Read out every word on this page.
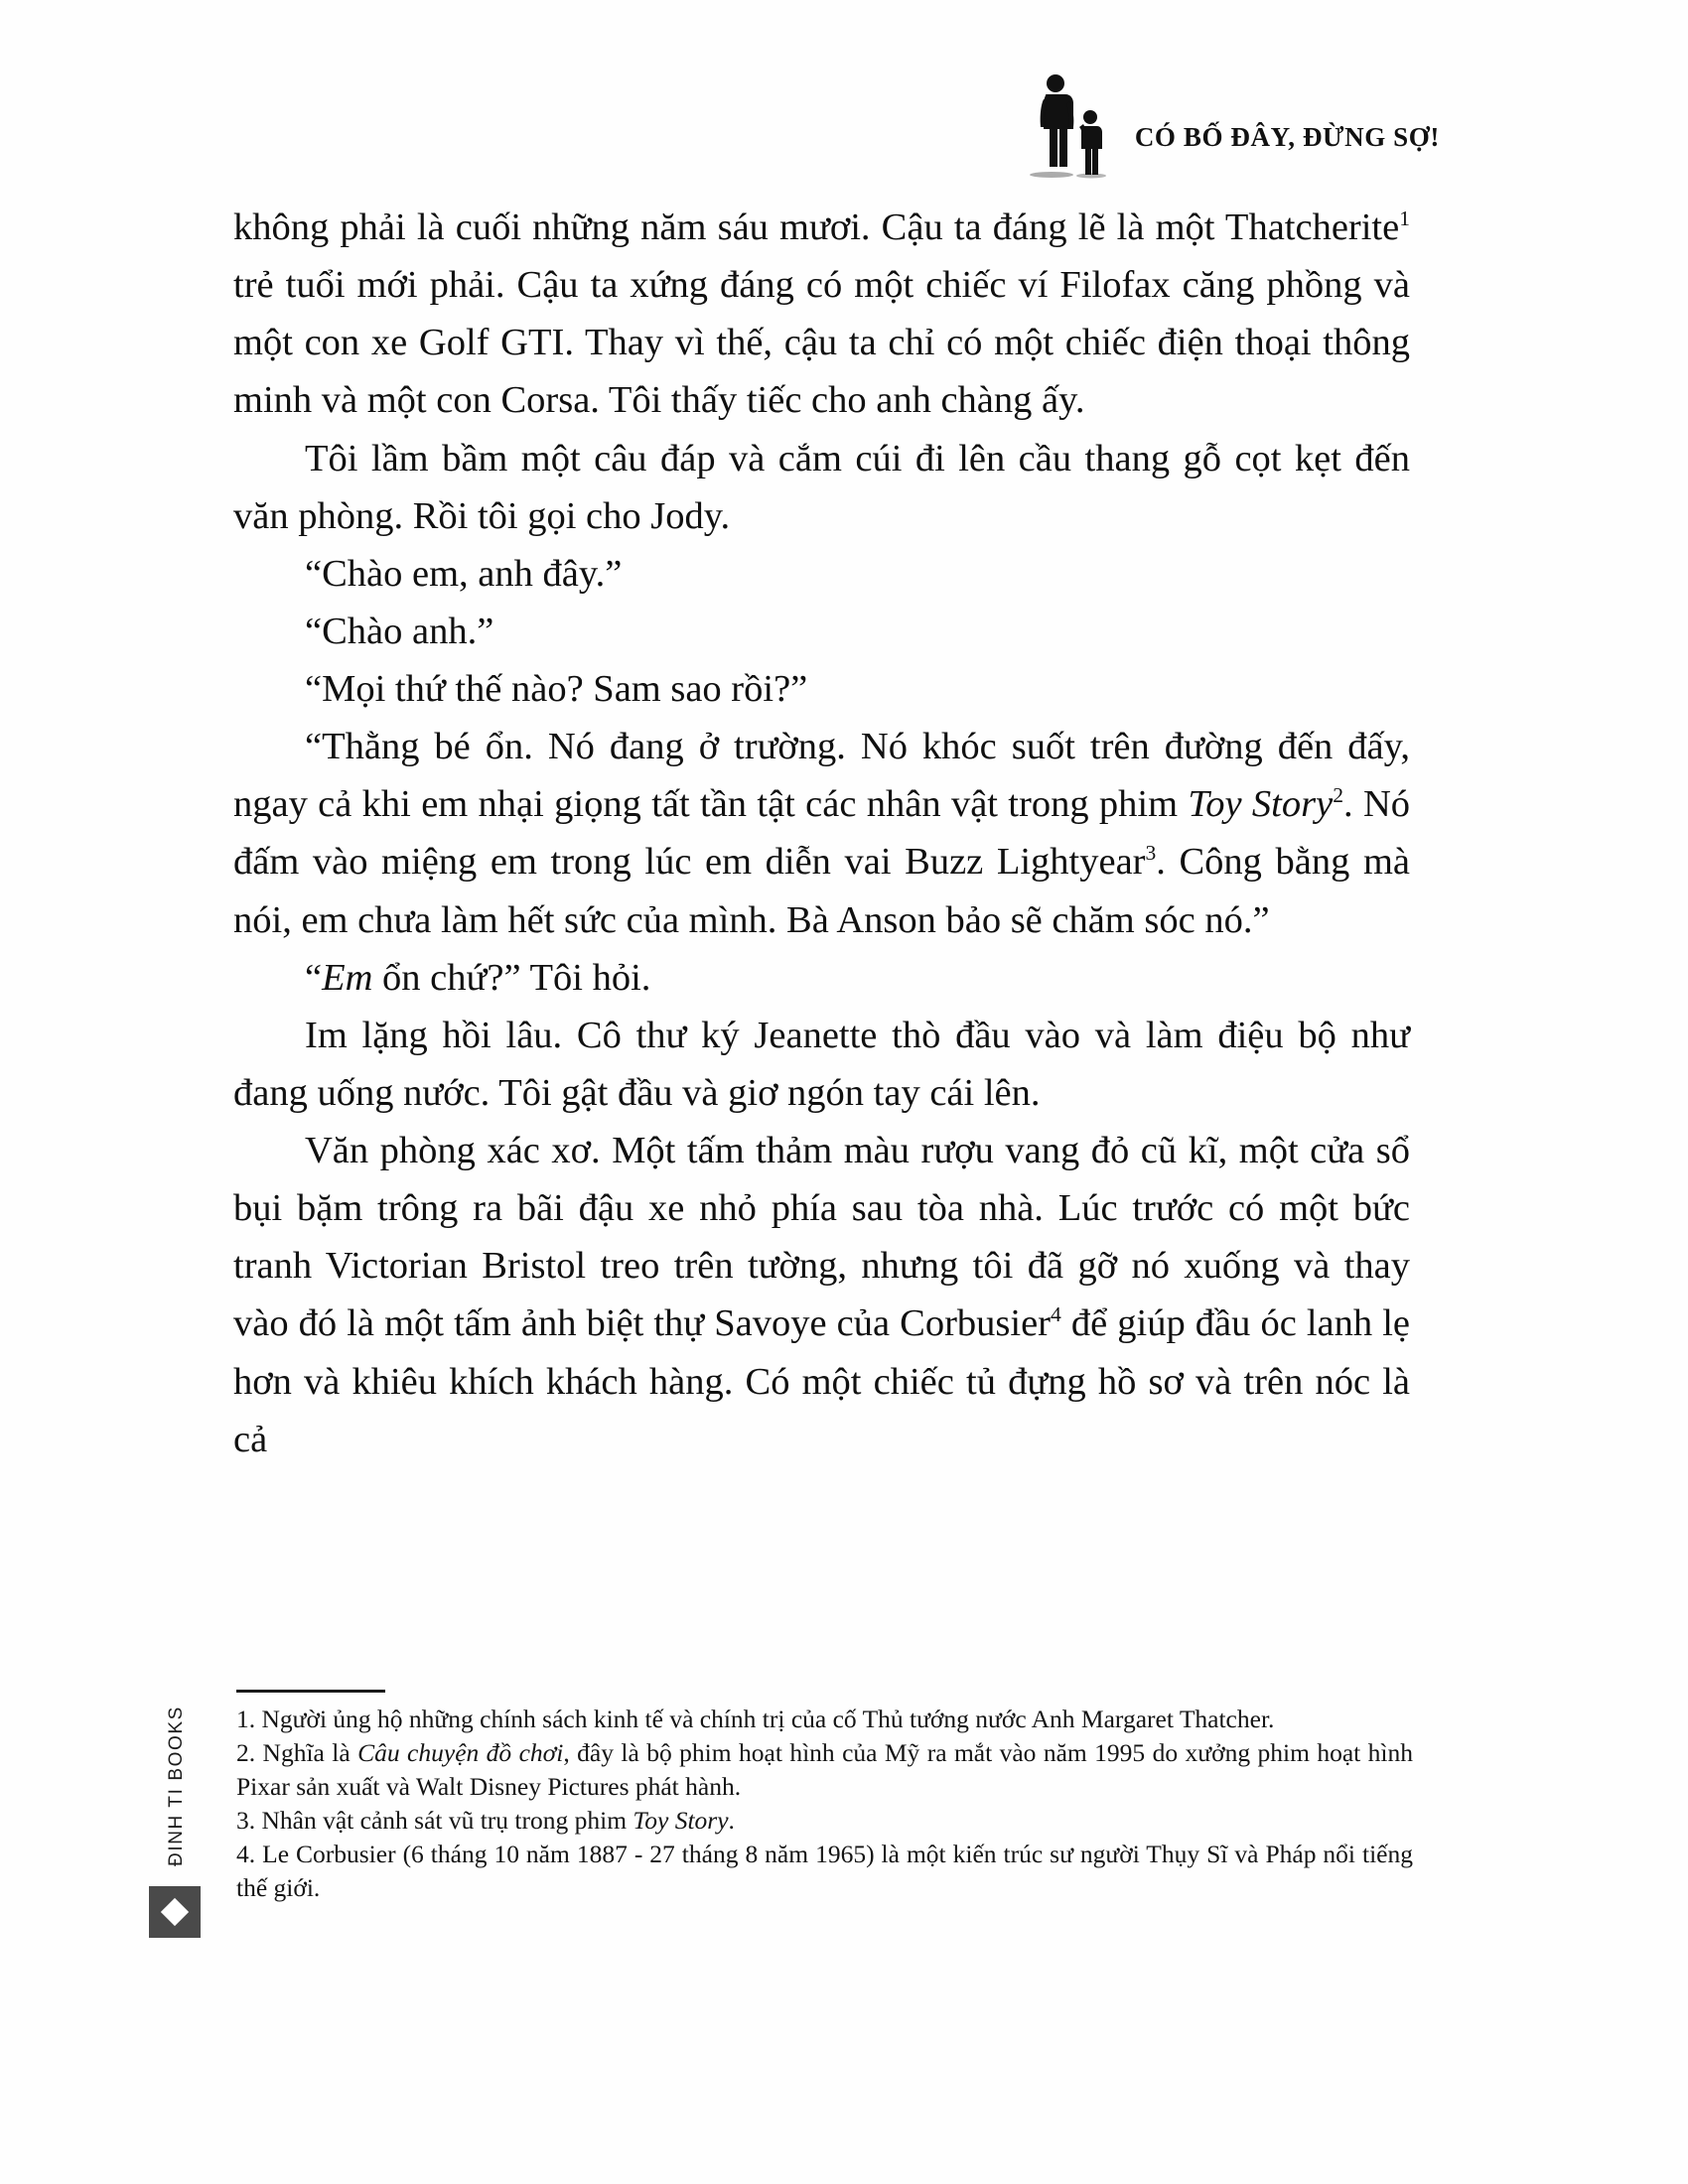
CÓ BỐ ĐÂY, ĐỪNG SỢ!

không phải là cuối những năm sáu mươi. Cậu ta đáng lẽ là một Thatcherite$^1$ trẻ tuổi mới phải. Cậu ta xứng đáng có một chiếc ví Filofax căng phồng và một con xe Golf GTI. Thay vì thế, cậu ta chỉ có một chiếc điện thoại thông minh và một con Corsa. Tôi thấy tiếc cho anh chàng ấy.

Tôi lầm bầm một câu đáp và cắm cúi đi lên cầu thang gỗ cọt kẹt đến văn phòng. Rồi tôi gọi cho Jody.

“Chào em, anh đây.”

“Chào anh.”

“Mọi thứ thế nào? Sam sao rồi?”

“Thằng bé ổn. Nó đang ở trường. Nó khóc suốt trên đường đến đấy, ngay cả khi em nhại giọng tất tần tật các nhân vật trong phim Toy Story$^2$. Nó đấm vào miệng em trong lúc em diễn vai Buzz Lightyear$^3$. Công bằng mà nói, em chưa làm hết sức của mình. Bà Anson bảo sẽ chăm sóc nó.”

“Em ổn chứ?” Tôi hỏi.

Im lặng hồi lâu. Cô thư ký Jeanette thò đầu vào và làm điệu bộ như đang uống nước. Tôi gật đầu và giơ ngón tay cái lên.

Văn phòng xác xơ. Một tấm thảm màu rượu vang đỏ cũ kĩ, một cửa sổ bụi bặm trông ra bãi đậu xe nhỏ phía sau tòa nhà. Lúc trước có một bức tranh Victorian Bristol treo trên tường, nhưng tôi đã gỡ nó xuống và thay vào đó là một tấm ảnh biệt thự Savoye của Corbusier$^4$ để giúp đầu óc lanh lẹ hơn và khiêu khích khách hàng. Có một chiếc tủ đựng hồ sơ và trên nóc là cả

1. Người ủng hộ những chính sách kinh tế và chính trị của cố Thủ tướng nước Anh Margaret Thatcher.

2. Nghĩa là Câu chuyện đồ chơi, đây là bộ phim hoạt hình của Mỹ ra mắt vào năm 1995 do xưởng phim hoạt hình Pixar sản xuất và Walt Disney Pictures phát hành.

3. Nhân vật cảnh sát vũ trụ trong phim Toy Story.

4. Le Corbusier (6 tháng 10 năm 1887 - 27 tháng 8 năm 1965) là một kiến trúc sư người Thụy Sĩ và Pháp nổi tiếng thế giới.

ĐINH TI BOOKS
